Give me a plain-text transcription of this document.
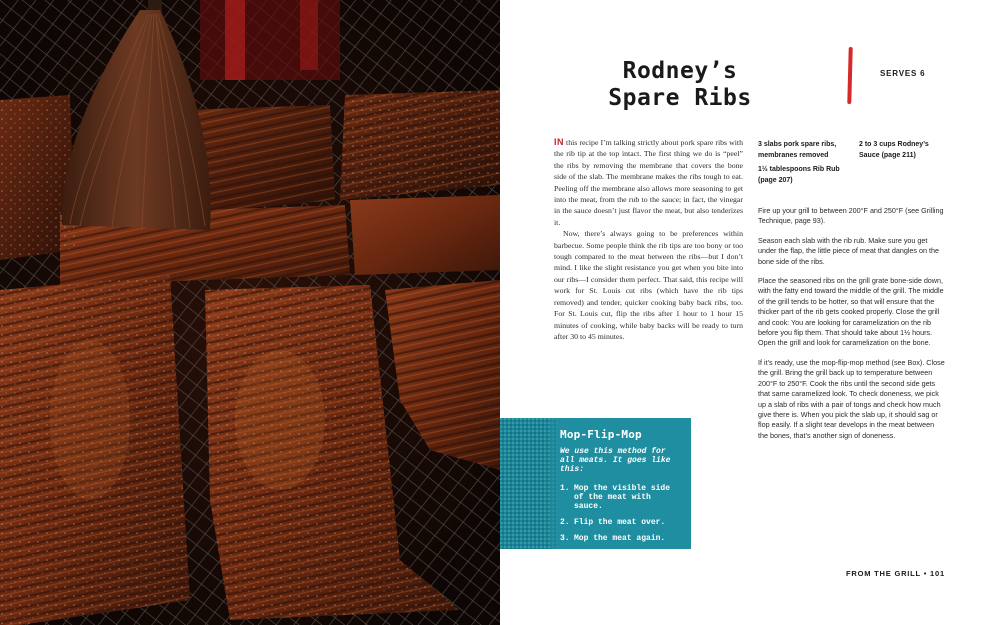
Mop-Flip-Mop

We use this method for all meats. It goes like this:

1. Mop the visible side of the meat with sauce.
2. Flip the meat over.
3. Mop the meat again.
Rodney’s
Spare Ribs
SERVES 6

IN this recipe I’m talking strictly about pork spare ribs with the rib tip at the top intact. The first thing we do is “peel” the ribs by removing the membrane that covers the bone side of the slab. The membrane makes the ribs tough to eat. Peeling off the membrane also allows more seasoning to get into the meat, from the rub to the sauce; in fact, the vinegar in the sauce doesn’t just flavor the meat, but also tenderizes it.

Now, there’s always going to be preferences within barbecue. Some people think the rib tips are too bony or too tough compared to the meat between the ribs—but I don’t mind. I like the slight resistance you get when you bite into our ribs—I consider them perfect. That said, this recipe will work for St. Louis cut ribs (which have the rib tips removed) and tender, quicker cooking baby back ribs, too. For St. Louis cut, flip the ribs after 1 hour to 1 hour 15 minutes of cooking, while baby backs will be ready to turn after 30 to 45 minutes.

3 slabs pork spare ribs, membranes removed

1½ tablespoons Rib Rub (page 207)

2 to 3 cups Rodney’s Sauce (page 211)

Fire up your grill to between 200°F and 250°F (see Grilling Technique, page 93).

Season each slab with the rib rub. Make sure you get under the flap, the little piece of meat that dangles on the bone side of the ribs.

Place the seasoned ribs on the grill grate bone-side down, with the fatty end toward the middle of the grill. The middle of the grill tends to be hotter, so that will ensure that the thicker part of the rib gets cooked properly. Close the grill and cook: You are looking for caramelization on the rib before you flip them. That should take about 1½ hours. Open the grill and look for caramelization on the bone.

If it’s ready, use the mop-flip-mop method (see Box). Close the grill. Bring the grill back up to temperature between 200°F to 250°F. Cook the ribs until the second side gets that same caramelized look. To check doneness, we pick up a slab of ribs with a pair of tongs and check how much give there is. When you pick the slab up, it should sag or flop easily. If a slight tear develops in the meat between the bones, that’s another sign of doneness.

FROM THE GRILL • 101
